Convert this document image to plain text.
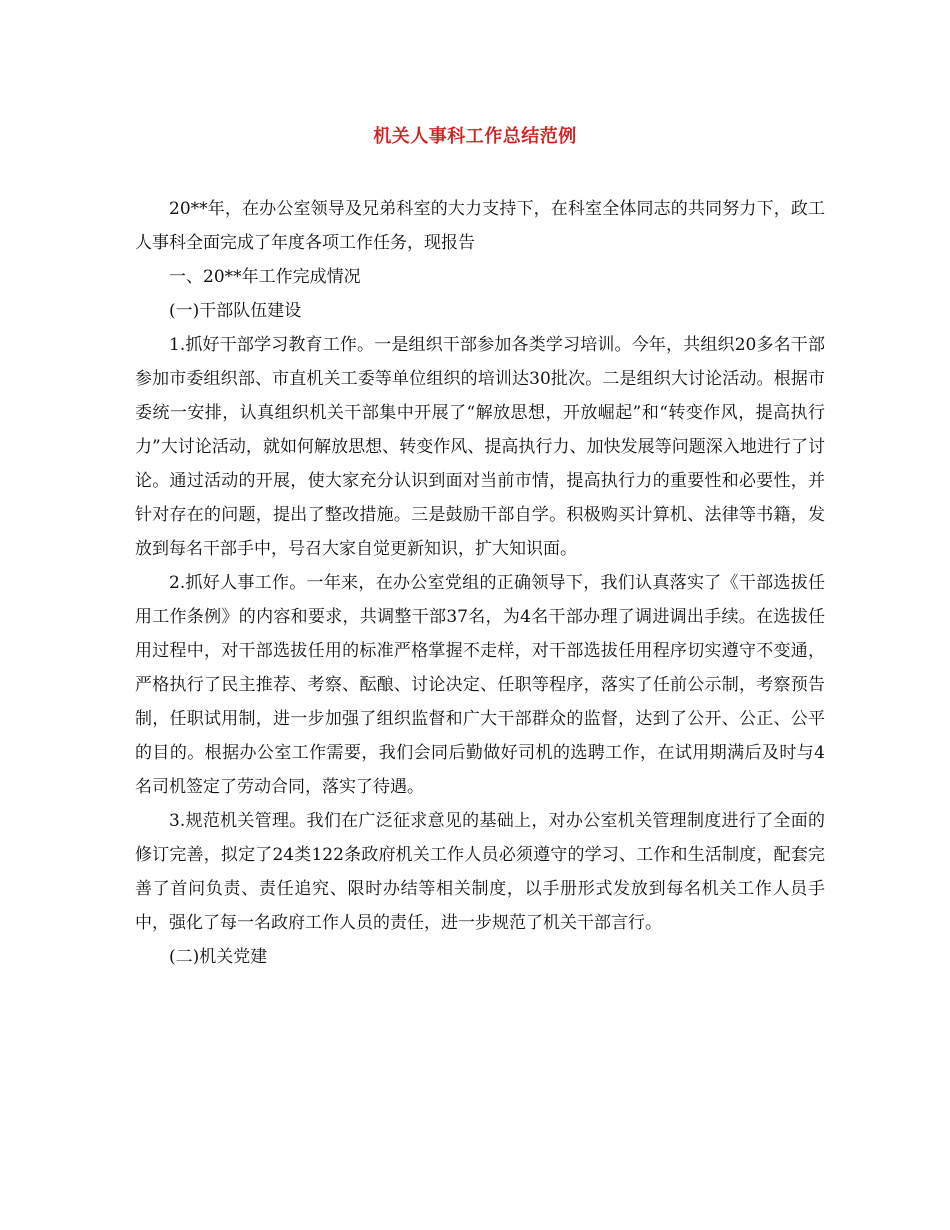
机关人事科工作总结范例

20**年，在办公室领导及兄弟科室的大力支持下，在科室全体同志的共同努力下，政工人事科全面完成了年度各项工作任务，现报告

一、20**年工作完成情况

(一)干部队伍建设

1.抓好干部学习教育工作。一是组织干部参加各类学习培训。今年，共组织20多名干部参加市委组织部、市直机关工委等单位组织的培训达30批次。二是组织大讨论活动。根据市委统一安排，认真组织机关干部集中开展了“解放思想，开放崛起”和“转变作风，提高执行力”大讨论活动，就如何解放思想、转变作风、提高执行力、加快发展等问题深入地进行了讨论。通过活动的开展，使大家充分认识到面对当前市情，提高执行力的重要性和必要性，并针对存在的问题，提出了整改措施。三是鼓励干部自学。积极购买计算机、法律等书籍，发放到每名干部手中，号召大家自觉更新知识，扩大知识面。

2.抓好人事工作。一年来，在办公室党组的正确领导下，我们认真落实了《干部选拔任用工作条例》的内容和要求，共调整干部37名，为4名干部办理了调进调出手续。在选拔任用过程中，对干部选拔任用的标准严格掌握不走样，对干部选拔任用程序切实遵守不变通，严格执行了民主推荐、考察、酝酿、讨论决定、任职等程序，落实了任前公示制，考察预告制，任职试用制，进一步加强了组织监督和广大干部群众的监督，达到了公开、公正、公平的目的。根据办公室工作需要，我们会同后勤做好司机的选聘工作，在试用期满后及时与4名司机签定了劳动合同，落实了待遇。

3.规范机关管理。我们在广泛征求意见的基础上，对办公室机关管理制度进行了全面的修订完善，拟定了24类122条政府机关工作人员必须遵守的学习、工作和生活制度，配套完善了首问负责、责任追究、限时办结等相关制度，以手册形式发放到每名机关工作人员手中，强化了每一名政府工作人员的责任，进一步规范了机关干部言行。

(二)机关党建
